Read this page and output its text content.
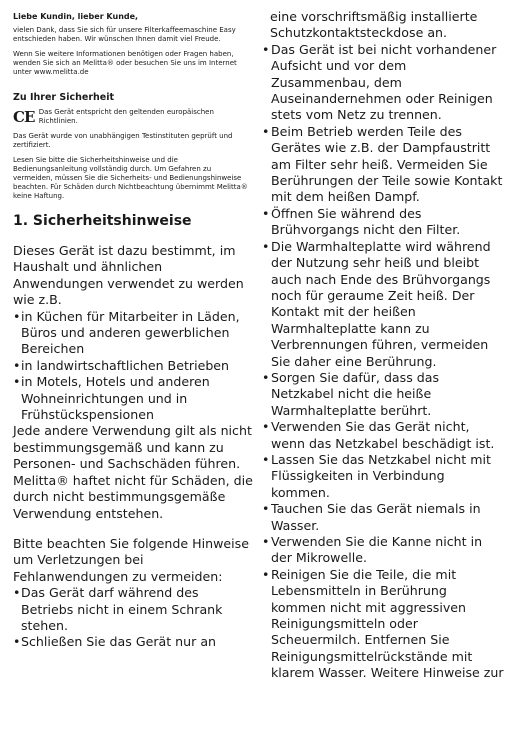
Liebe Kundin, lieber Kunde,

vielen Dank, dass Sie sich für unsere Filterkaffeemaschine Easy entschieden haben. Wir wünschen Ihnen damit viel Freude.

Wenn Sie weitere Informationen benötigen oder Fragen haben, wenden Sie sich an Melitta® oder besuchen Sie uns im Internet unter www.melitta.de

Zu Ihrer Sicherheit

CE Das Gerät entspricht den geltenden europäischen Richtlinien.

Das Gerät wurde von unabhängigen Testinstituten geprüft und zertifiziert.

Lesen Sie bitte die Sicherheitshinweise und die Bedienungsanleitung vollständig durch. Um Gefahren zu vermeiden, müssen Sie die Sicherheits- und Bedienungshinweise beachten. Für Schäden durch Nichtbeachtung übernimmt Melitta® keine Haftung.

1. Sicherheitshinweise

Dieses Gerät ist dazu bestimmt, im Haushalt und ähnlichen Anwendungen verwendet zu werden wie z.B.

• in Küchen für Mitarbeiter in Läden, Büros und anderen gewerblichen Bereichen
• in landwirtschaftlichen Betrieben
• in Motels, Hotels und anderen Wohneinrichtungen und in Frühstückspensionen

Jede andere Verwendung gilt als nicht bestimmungsgemäß und kann zu Personen- und Sachschäden führen. Melitta® haftet nicht für Schäden, die durch nicht bestimmungsgemäße Verwendung entstehen.

Bitte beachten Sie folgende Hinweise um Verletzungen bei Fehlanwendungen zu vermeiden:

• Das Gerät darf während des Betriebs nicht in einem Schrank stehen.
• Schließen Sie das Gerät nur an

eine vorschriftsmäßig installierte Schutzkontaktsteckdose an.

• Das Gerät ist bei nicht vorhandener Aufsicht und vor dem Zusammenbau, dem Auseinandernehmen oder Reinigen stets vom Netz zu trennen.
• Beim Betrieb werden Teile des Gerätes wie z.B. der Dampfaustritt am Filter sehr heiß. Vermeiden Sie Berührungen der Teile sowie Kontakt mit dem heißen Dampf.
• Öffnen Sie während des Brühvorgangs nicht den Filter.
• Die Warmhalteplatte wird während der Nutzung sehr heiß und bleibt auch nach Ende des Brühvorgangs noch für geraume Zeit heiß. Der Kontakt mit der heißen Warmhalteplatte kann zu Verbrennungen führen, vermeiden Sie daher eine Berührung.
• Sorgen Sie dafür, dass das Netzkabel nicht die heiße Warmhalteplatte berührt.
• Verwenden Sie das Gerät nicht, wenn das Netzkabel beschädigt ist.
• Lassen Sie das Netzkabel nicht mit Flüssigkeiten in Verbindung kommen.
• Tauchen Sie das Gerät niemals in Wasser.
• Verwenden Sie die Kanne nicht in der Mikrowelle.
• Reinigen Sie die Teile, die mit Lebensmitteln in Berührung kommen nicht mit aggressiven Reinigungsmitteln oder Scheuermilch. Entfernen Sie Reinigungsmittelrückstände mit klarem Wasser. Weitere Hinweise zur
